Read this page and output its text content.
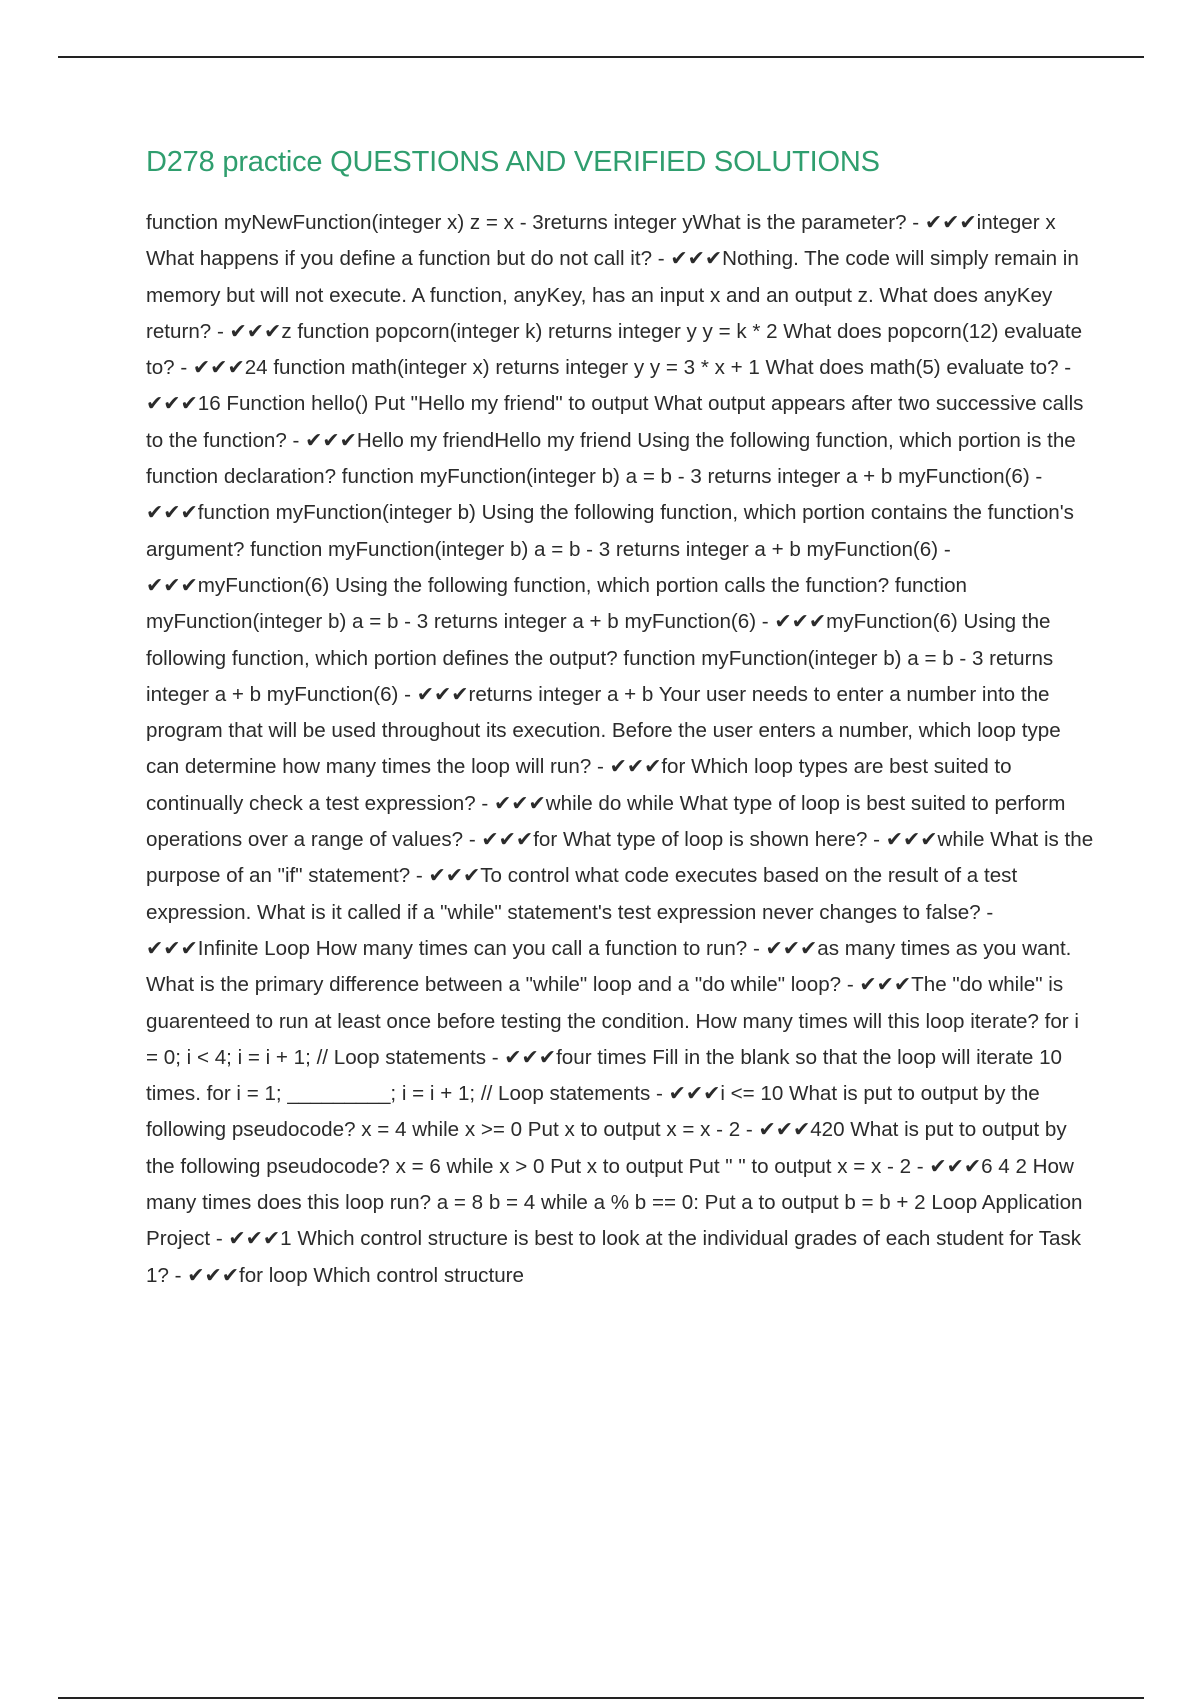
D278 practice QUESTIONS AND VERIFIED SOLUTIONS

function myNewFunction(integer x) z = x - 3returns integer yWhat is the parameter? - ✔✔✔integer x What happens if you define a function but do not call it? - ✔✔✔Nothing. The code will simply remain in memory but will not execute. A function, anyKey, has an input x and an output z. What does anyKey return? - ✔✔✔z function popcorn(integer k) returns integer y y = k * 2 What does popcorn(12) evaluate to? - ✔✔✔24 function math(integer x) returns integer y y = 3 * x + 1 What does math(5) evaluate to? - ✔✔✔16 Function hello() Put "Hello my friend" to output What output appears after two successive calls to the function? - ✔✔✔Hello my friendHello my friend Using the following function, which portion is the function declaration? function myFunction(integer b) a = b - 3 returns integer a + b myFunction(6) - ✔✔✔function myFunction(integer b) Using the following function, which portion contains the function's argument? function myFunction(integer b) a = b - 3 returns integer a + b myFunction(6) - ✔✔✔myFunction(6) Using the following function, which portion calls the function? function myFunction(integer b) a = b - 3 returns integer a + b myFunction(6) - ✔✔✔myFunction(6) Using the following function, which portion defines the output? function myFunction(integer b) a = b - 3 returns integer a + b myFunction(6) - ✔✔✔returns integer a + b Your user needs to enter a number into the program that will be used throughout its execution. Before the user enters a number, which loop type can determine how many times the loop will run? - ✔✔✔for Which loop types are best suited to continually check a test expression? - ✔✔✔while do while What type of loop is best suited to perform operations over a range of values? - ✔✔✔for What type of loop is shown here? - ✔✔✔while What is the purpose of an "if" statement? - ✔✔✔To control what code executes based on the result of a test expression. What is it called if a "while" statement's test expression never changes to false? - ✔✔✔Infinite Loop How many times can you call a function to run? - ✔✔✔as many times as you want. What is the primary difference between a "while" loop and a "do while" loop? - ✔✔✔The "do while" is guarenteed to run at least once before testing the condition. How many times will this loop iterate? for i = 0; i < 4; i = i + 1; // Loop statements - ✔✔✔four times Fill in the blank so that the loop will iterate 10 times. for i = 1; _________; i = i + 1; // Loop statements - ✔✔✔i <= 10 What is put to output by the following pseudocode? x = 4 while x >= 0 Put x to output x = x - 2 - ✔✔✔420 What is put to output by the following pseudocode? x = 6 while x > 0 Put x to output Put " " to output x = x - 2 - ✔✔✔6 4 2 How many times does this loop run? a = 8 b = 4 while a % b == 0: Put a to output b = b + 2 Loop Application Project - ✔✔✔1 Which control structure is best to look at the individual grades of each student for Task 1? - ✔✔✔for loop Which control structure
